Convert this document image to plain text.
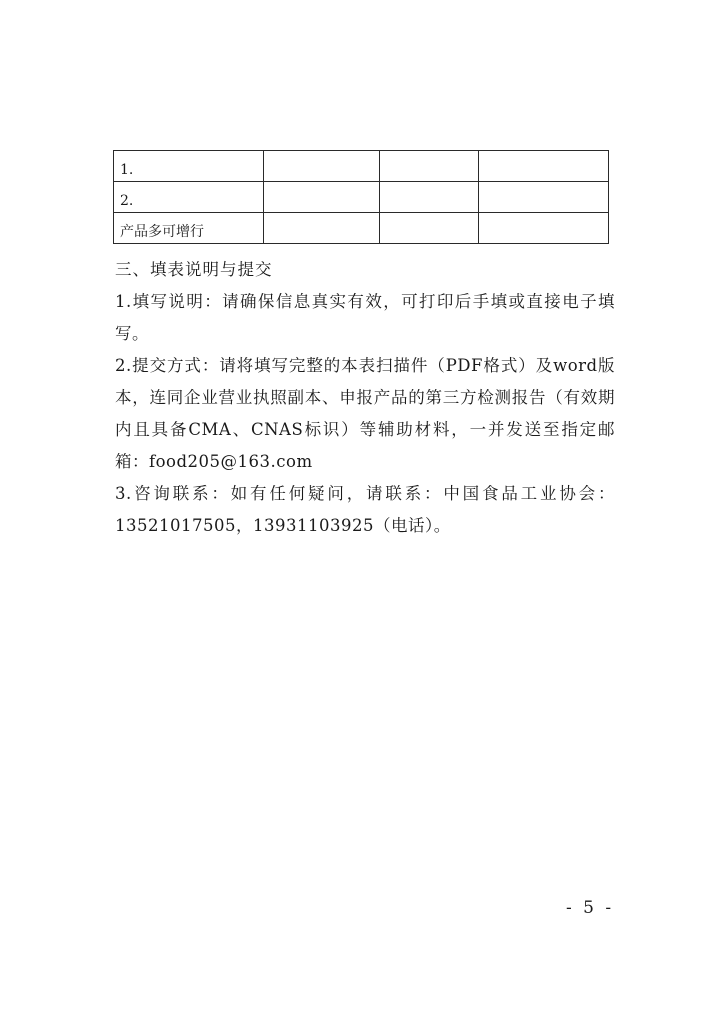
1.			
2.			
产品多可增行			

三、填表说明与提交

1.填写说明：请确保信息真实有效，可打印后手填或直接电子填写。

2.提交方式：请将填写完整的本表扫描件（PDF格式）及word版本，连同企业营业执照副本、申报产品的第三方检测报告（有效期内且具备CMA、CNAS标识）等辅助材料，一并发送至指定邮箱：food205@163.com

3.咨询联系：如有任何疑问，请联系：中国食品工业协会：13521017505，13931103925（电话）。

- 5 -
